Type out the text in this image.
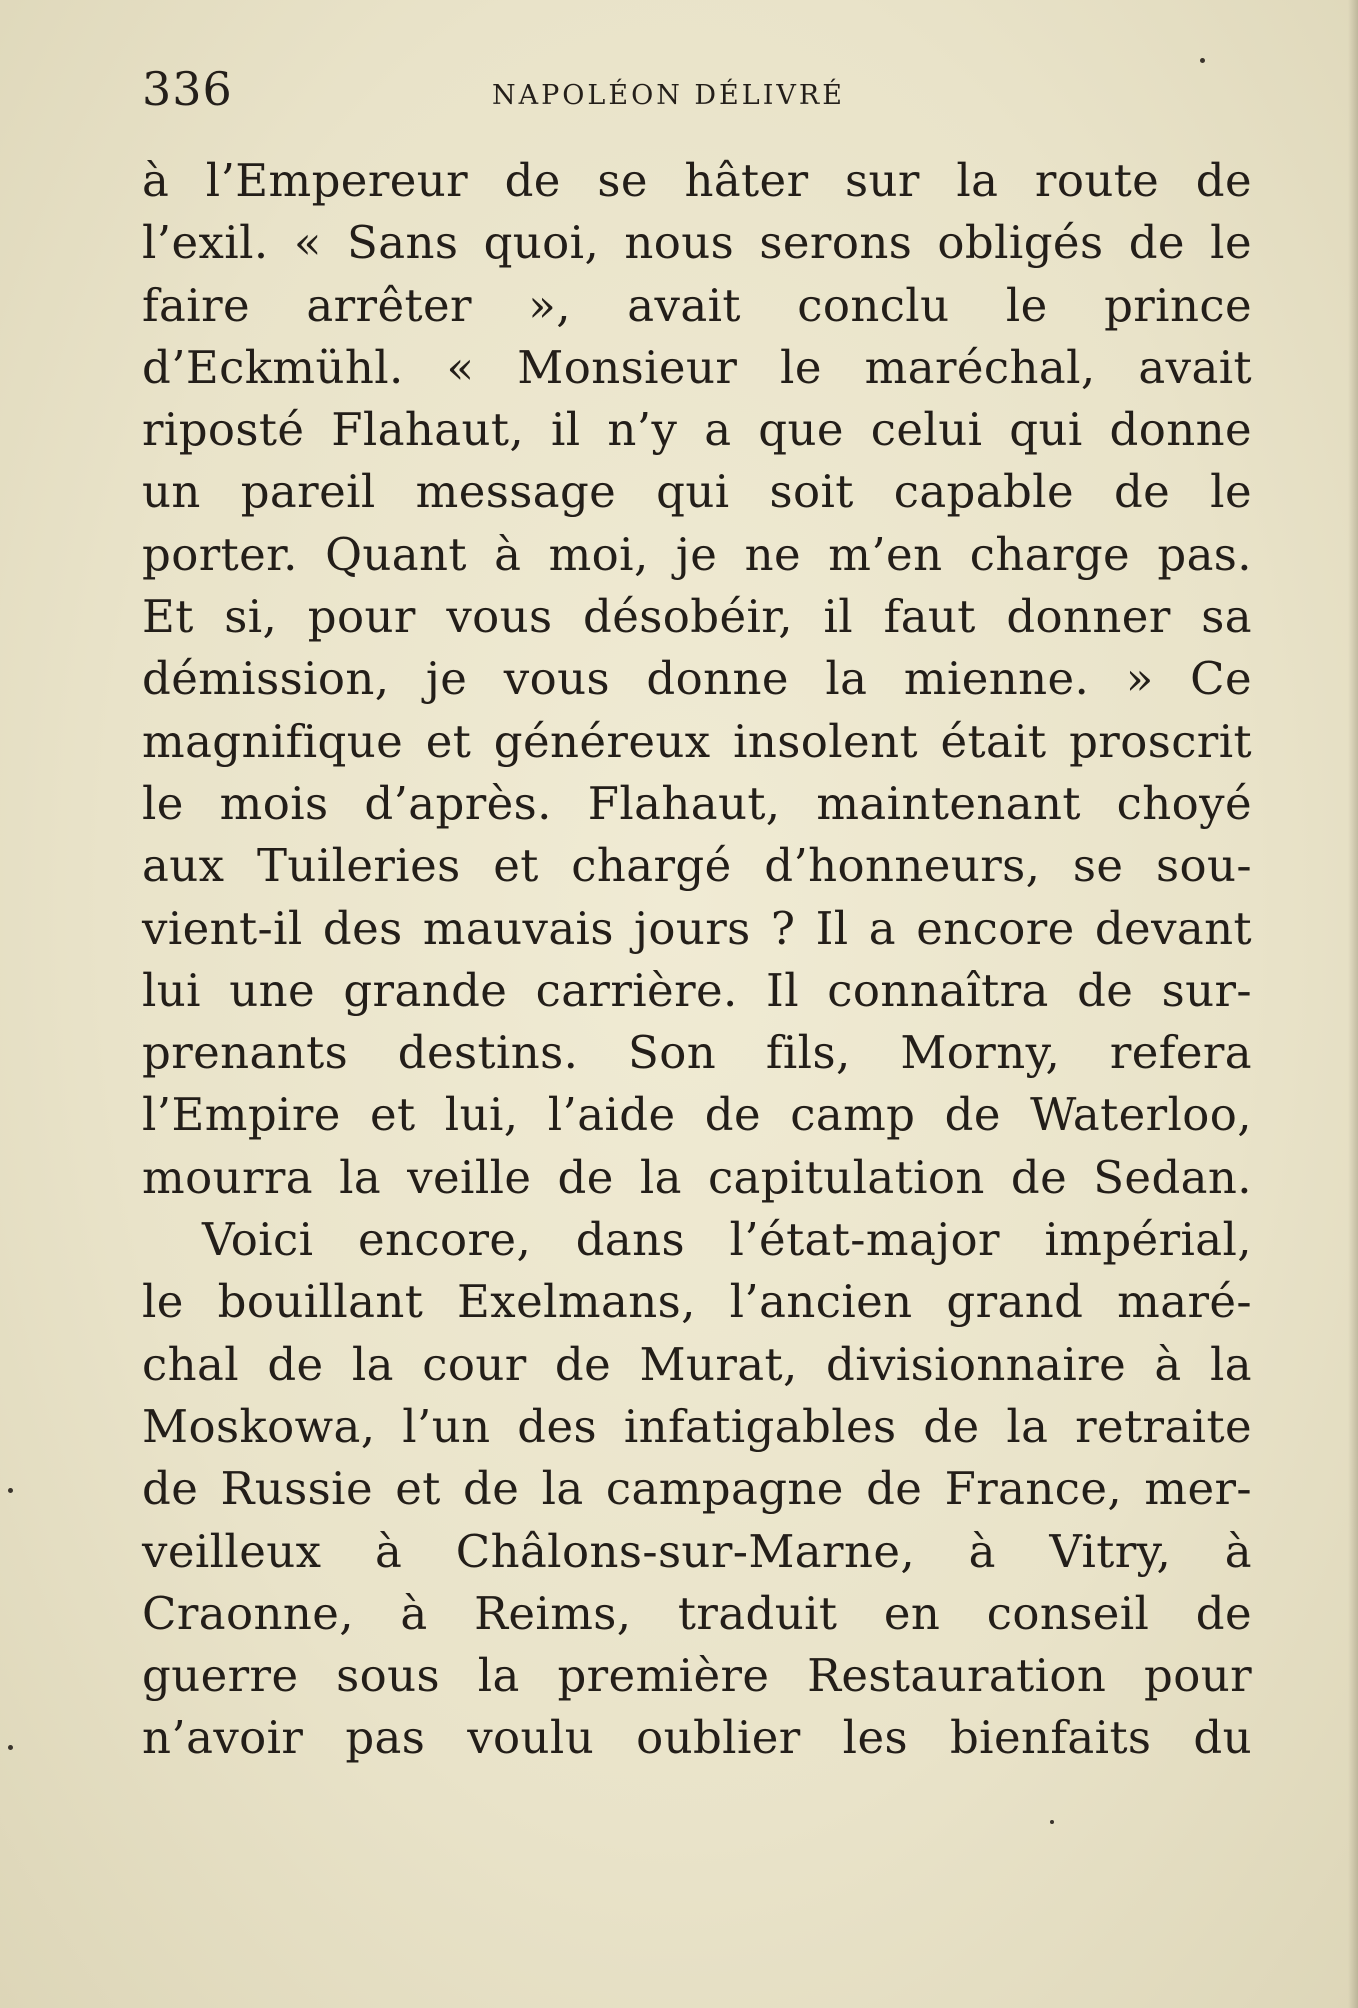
336	NAPOLÉON DÉLIVRÉ
à l’Empereur de se hâter sur la route de
l’exil. « Sans quoi, nous serons obligés de le
faire arrêter », avait conclu le prince
d’Eckmühl. « Monsieur le maréchal, avait
riposté Flahaut, il n’y a que celui qui donne
un pareil message qui soit capable de le
porter. Quant à moi, je ne m’en charge pas.
Et si, pour vous désobéir, il faut donner sa
démission, je vous donne la mienne. » Ce
magnifique et généreux insolent était proscrit
le mois d’après. Flahaut, maintenant choyé
aux Tuileries et chargé d’honneurs, se sou-
vient-il des mauvais jours ? Il a encore devant
lui une grande carrière. Il connaîtra de sur-
prenants destins. Son fils, Morny, refera
l’Empire et lui, l’aide de camp de Waterloo,
mourra la veille de la capitulation de Sedan.
Voici encore, dans l’état-major impérial,
le bouillant Exelmans, l’ancien grand maré-
chal de la cour de Murat, divisionnaire à la
Moskowa, l’un des infatigables de la retraite
de Russie et de la campagne de France, mer-
veilleux à Châlons-sur-Marne, à Vitry, à
Craonne, à Reims, traduit en conseil de
guerre sous la première Restauration pour
n’avoir pas voulu oublier les bienfaits du
